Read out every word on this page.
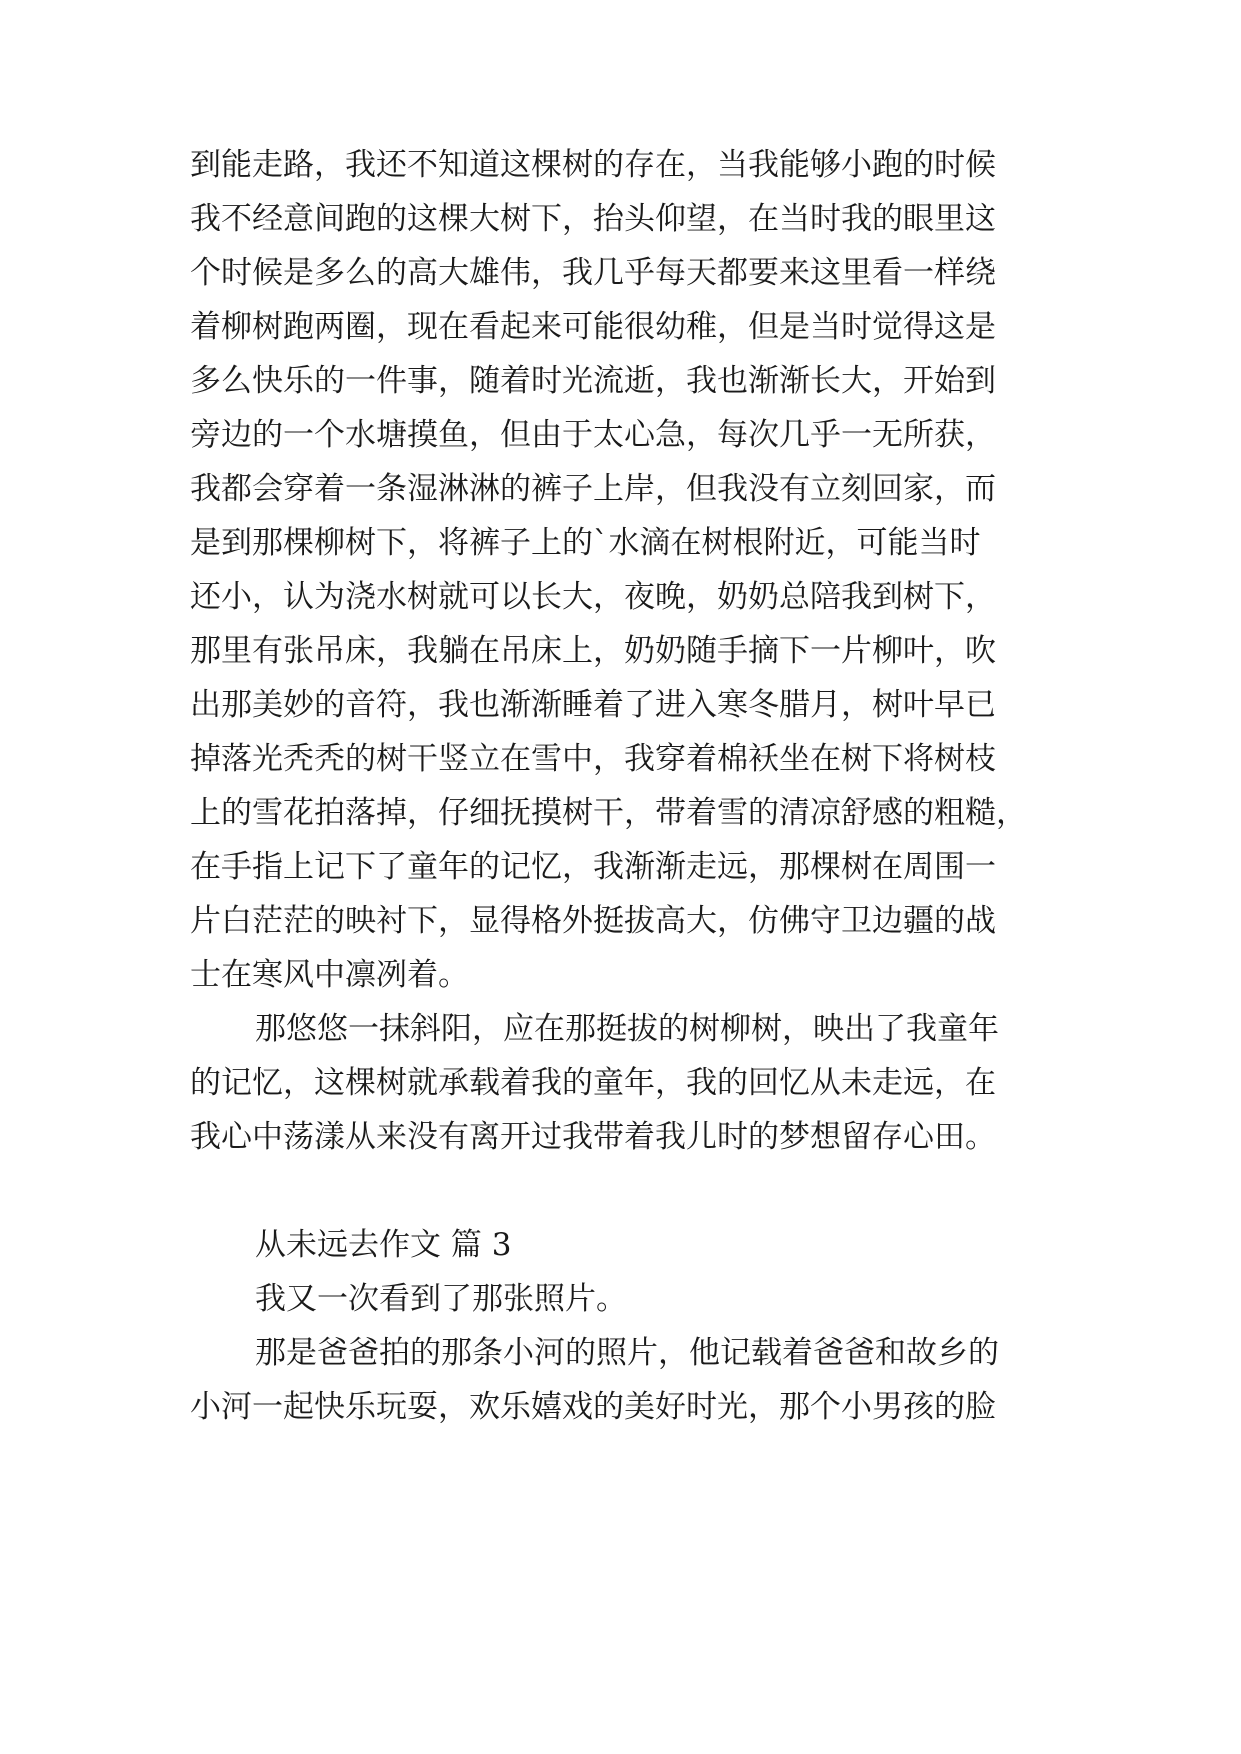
到能走路，我还不知道这棵树的存在，当我能够小跑的时候

我不经意间跑的这棵大树下，抬头仰望，在当时我的眼里这

个时候是多么的高大雄伟，我几乎每天都要来这里看一样绕

着柳树跑两圈，现在看起来可能很幼稚，但是当时觉得这是

多么快乐的一件事，随着时光流逝，我也渐渐长大，开始到

旁边的一个水塘摸鱼，但由于太心急，每次几乎一无所获，

我都会穿着一条湿淋淋的裤子上岸，但我没有立刻回家，而

是到那棵柳树下，将裤子上的`水滴在树根附近，可能当时

还小，认为浇水树就可以长大，夜晚，奶奶总陪我到树下，

那里有张吊床，我躺在吊床上，奶奶随手摘下一片柳叶，吹

出那美妙的音符，我也渐渐睡着了进入寒冬腊月，树叶早已

掉落光秃秃的树干竖立在雪中，我穿着棉袄坐在树下将树枝

上的雪花拍落掉，仔细抚摸树干，带着雪的清凉舒感的粗糙，

在手指上记下了童年的记忆，我渐渐走远，那棵树在周围一

片白茫茫的映衬下，显得格外挺拔高大，仿佛守卫边疆的战

士在寒风中凛冽着。

那悠悠一抹斜阳，应在那挺拔的树柳树，映出了我童年

的记忆，这棵树就承载着我的童年，我的回忆从未走远，在

我心中荡漾从来没有离开过我带着我儿时的梦想留存心田。

从未远去作文 篇 3

我又一次看到了那张照片。

那是爸爸拍的那条小河的照片，他记载着爸爸和故乡的

小河一起快乐玩耍，欢乐嬉戏的美好时光，那个小男孩的脸
